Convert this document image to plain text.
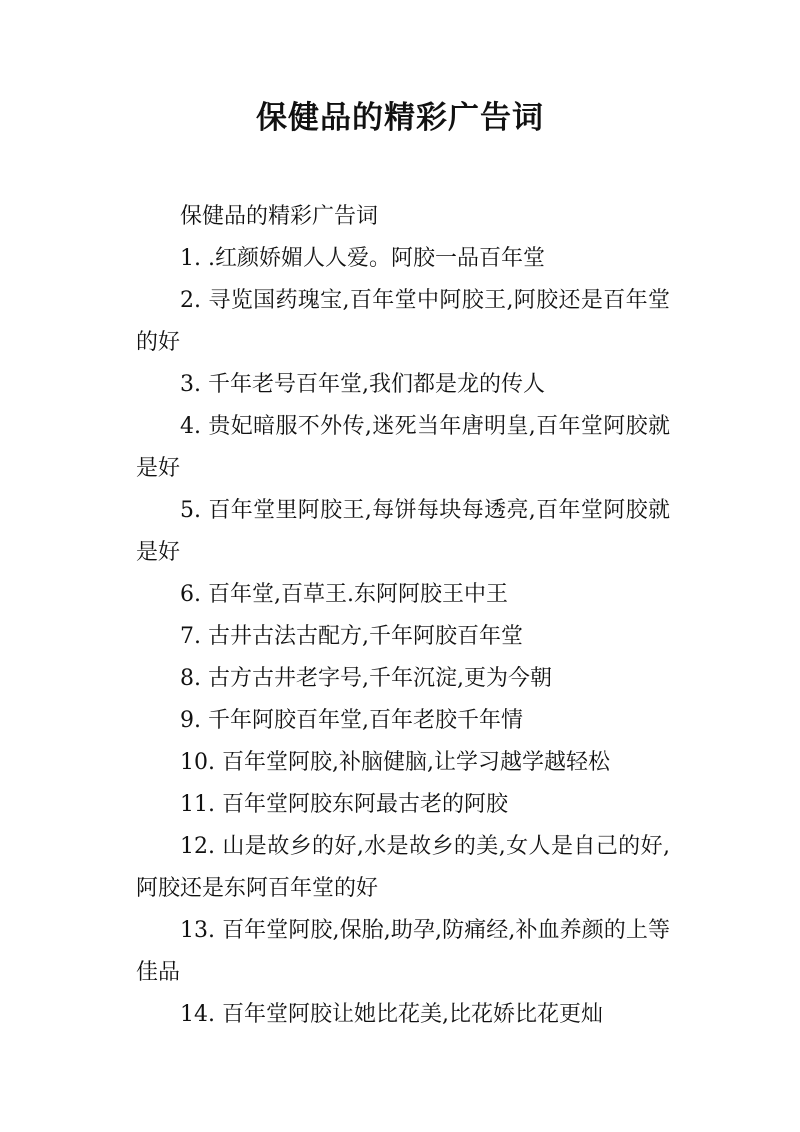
保健品的精彩广告词

保健品的精彩广告词

1. .红颜娇媚人人爱。阿胶一品百年堂

2. 寻览国药瑰宝,百年堂中阿胶王,阿胶还是百年堂的好

3. 千年老号百年堂,我们都是龙的传人

4. 贵妃暗服不外传,迷死当年唐明皇,百年堂阿胶就是好

5. 百年堂里阿胶王,每饼每块每透亮,百年堂阿胶就是好

6. 百年堂,百草王.东阿阿胶王中王

7. 古井古法古配方,千年阿胶百年堂

8. 古方古井老字号,千年沉淀,更为今朝

9. 千年阿胶百年堂,百年老胶千年情

10. 百年堂阿胶,补脑健脑,让学习越学越轻松

11. 百年堂阿胶东阿最古老的阿胶

12. 山是故乡的好,水是故乡的美,女人是自己的好,阿胶还是东阿百年堂的好

13. 百年堂阿胶,保胎,助孕,防痛经,补血养颜的上等佳品

14. 百年堂阿胶让她比花美,比花娇比花更灿
